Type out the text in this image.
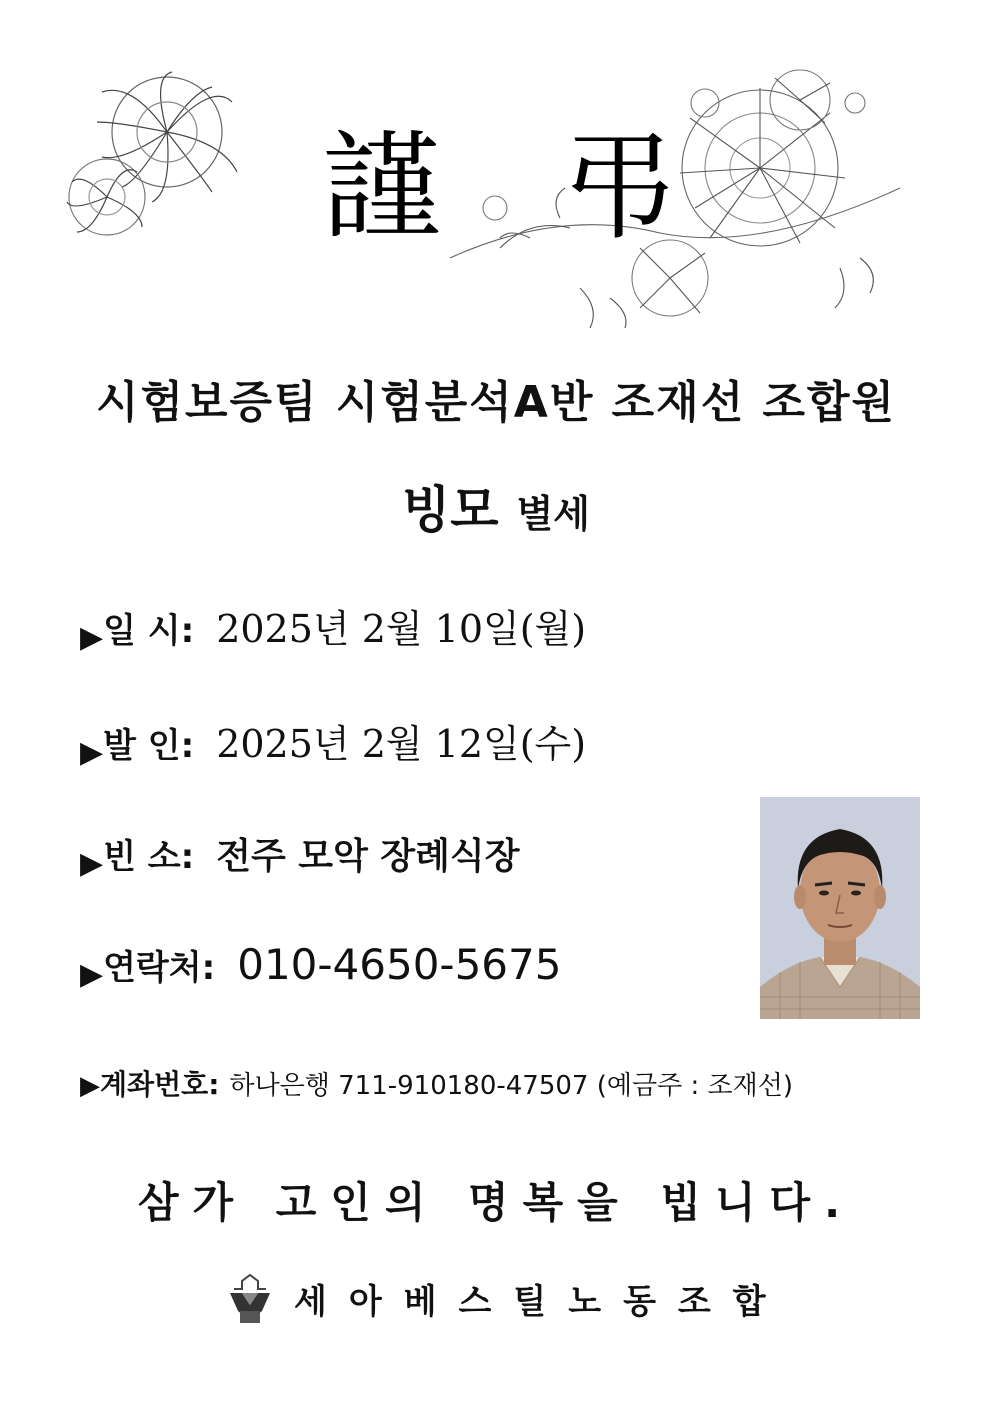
謹 弔
시험보증팀 시험분석A반 조재선 조합원
빙모 별세
▶일 시: 2025년 2월 10일(월)
▶발 인: 2025년 2월 12일(수)
▶빈 소: 전주 모악 장례식장
▶연락처: 010-4650-5675
▶계좌번호: 하나은행 711-910180-47507 (예금주 : 조재선)
삼가 고인의 명복을 빕니다.
세아베스틸노동조합
